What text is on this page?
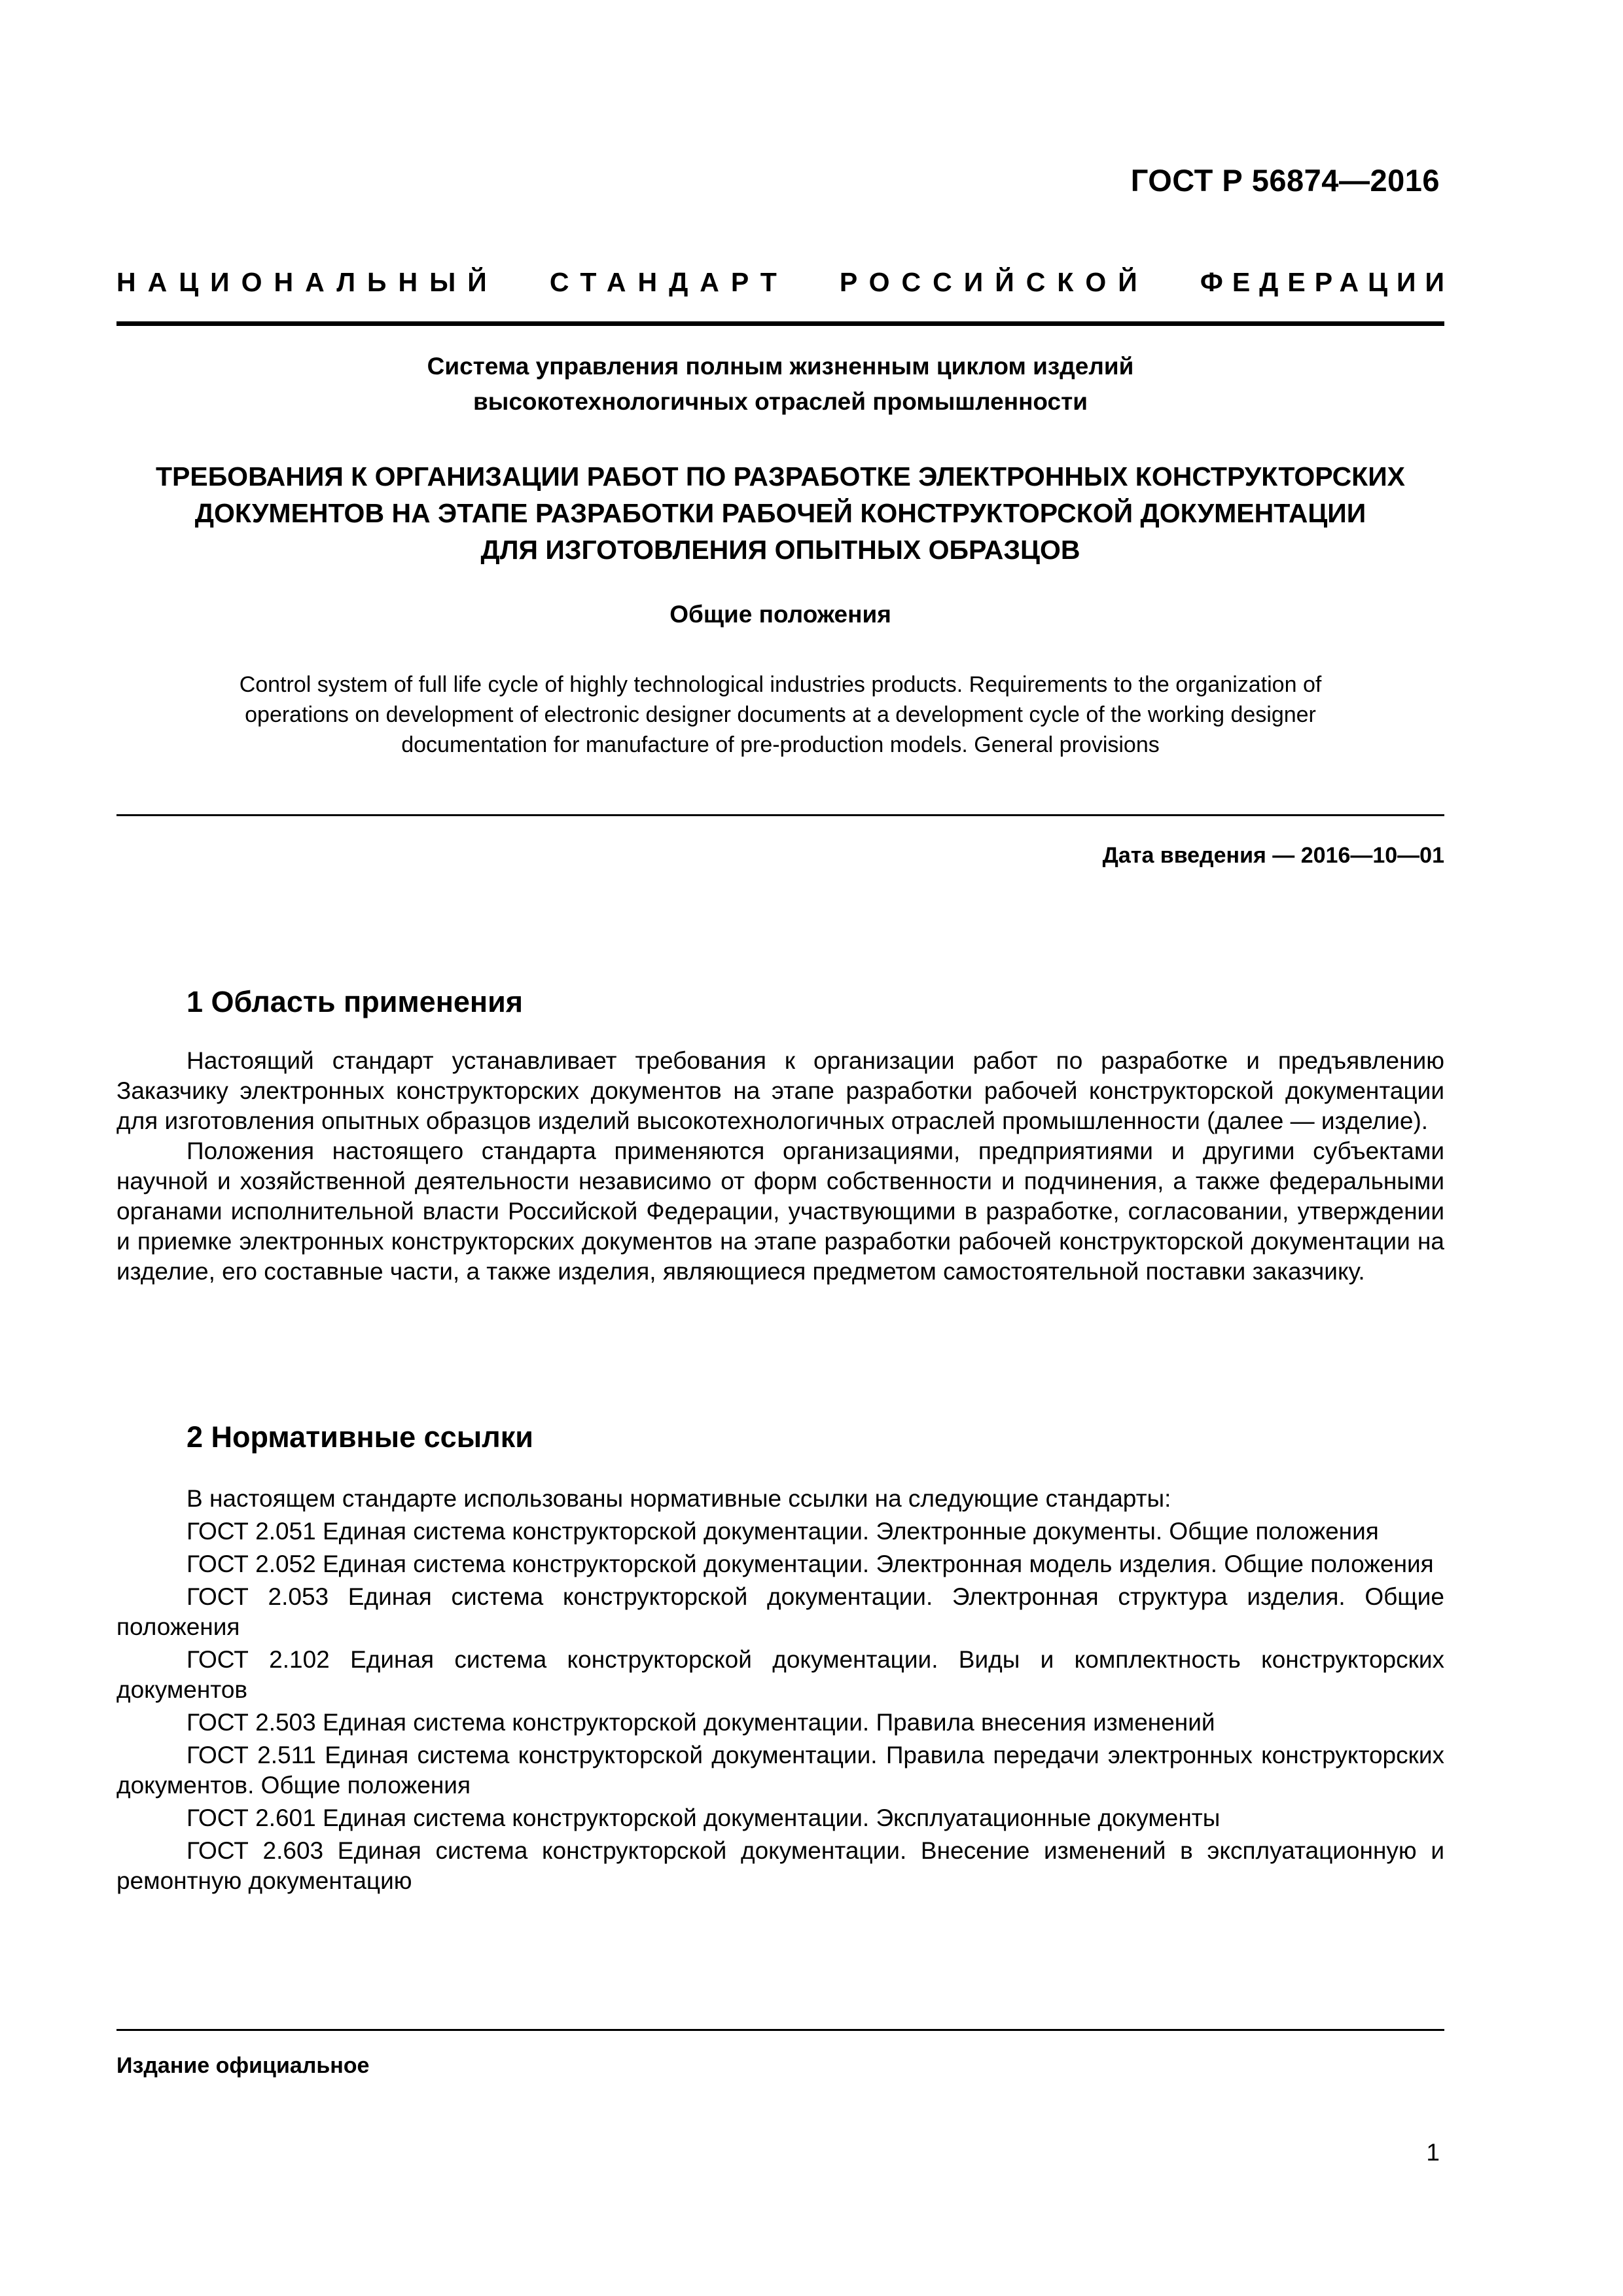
ГОСТ Р 56874—2016
НАЦИОНАЛЬНЫЙ СТАНДАРТ РОССИЙСКОЙ ФЕДЕРАЦИИ
Система управления полным жизненным циклом изделий
высокотехнологичных отраслей промышленности
ТРЕБОВАНИЯ К ОРГАНИЗАЦИИ РАБОТ ПО РАЗРАБОТКЕ ЭЛЕКТРОННЫХ КОНСТРУКТОРСКИХ
ДОКУМЕНТОВ НА ЭТАПЕ РАЗРАБОТКИ РАБОЧЕЙ КОНСТРУКТОРСКОЙ ДОКУМЕНТАЦИИ
ДЛЯ ИЗГОТОВЛЕНИЯ ОПЫТНЫХ ОБРАЗЦОВ
Общие положения
Control system of full life cycle of highly technological industries products. Requirements to the organization of
operations on development of electronic designer documents at a development cycle of the working designer
documentation for manufacture of pre-production models. General provisions
Дата введения — 2016—10—01
1 Область применения

Настоящий стандарт устанавливает требования к организации работ по разработке и предъявлению Заказчику электронных конструкторских документов на этапе разработки рабочей конструкторской документации для изготовления опытных образцов изделий высокотехнологичных отраслей промышленности (далее — изделие).

Положения настоящего стандарта применяются организациями, предприятиями и другими субъектами научной и хозяйственной деятельности независимо от форм собственности и подчинения, а также федеральными органами исполнительной власти Российской Федерации, участвующими в разработке, согласовании, утверждении и приемке электронных конструкторских документов на этапе разработки рабочей конструкторской документации на изделие, его составные части, а также изделия, являющиеся предметом самостоятельной поставки заказчику.

2 Нормативные ссылки

В настоящем стандарте использованы нормативные ссылки на следующие стандарты:

ГОСТ 2.051 Единая система конструкторской документации. Электронные документы. Общие положения

ГОСТ 2.052 Единая система конструкторской документации. Электронная модель изделия. Общие положения

ГОСТ 2.053 Единая система конструкторской документации. Электронная структура изделия. Общие положения

ГОСТ 2.102 Единая система конструкторской документации. Виды и комплектность конструкторских документов

ГОСТ 2.503 Единая система конструкторской документации. Правила внесения изменений

ГОСТ 2.511 Единая система конструкторской документации. Правила передачи электронных конструкторских документов. Общие положения

ГОСТ 2.601 Единая система конструкторской документации. Эксплуатационные документы

ГОСТ 2.603 Единая система конструкторской документации. Внесение изменений в эксплуатационную и ремонтную документацию

Издание официальное
1
